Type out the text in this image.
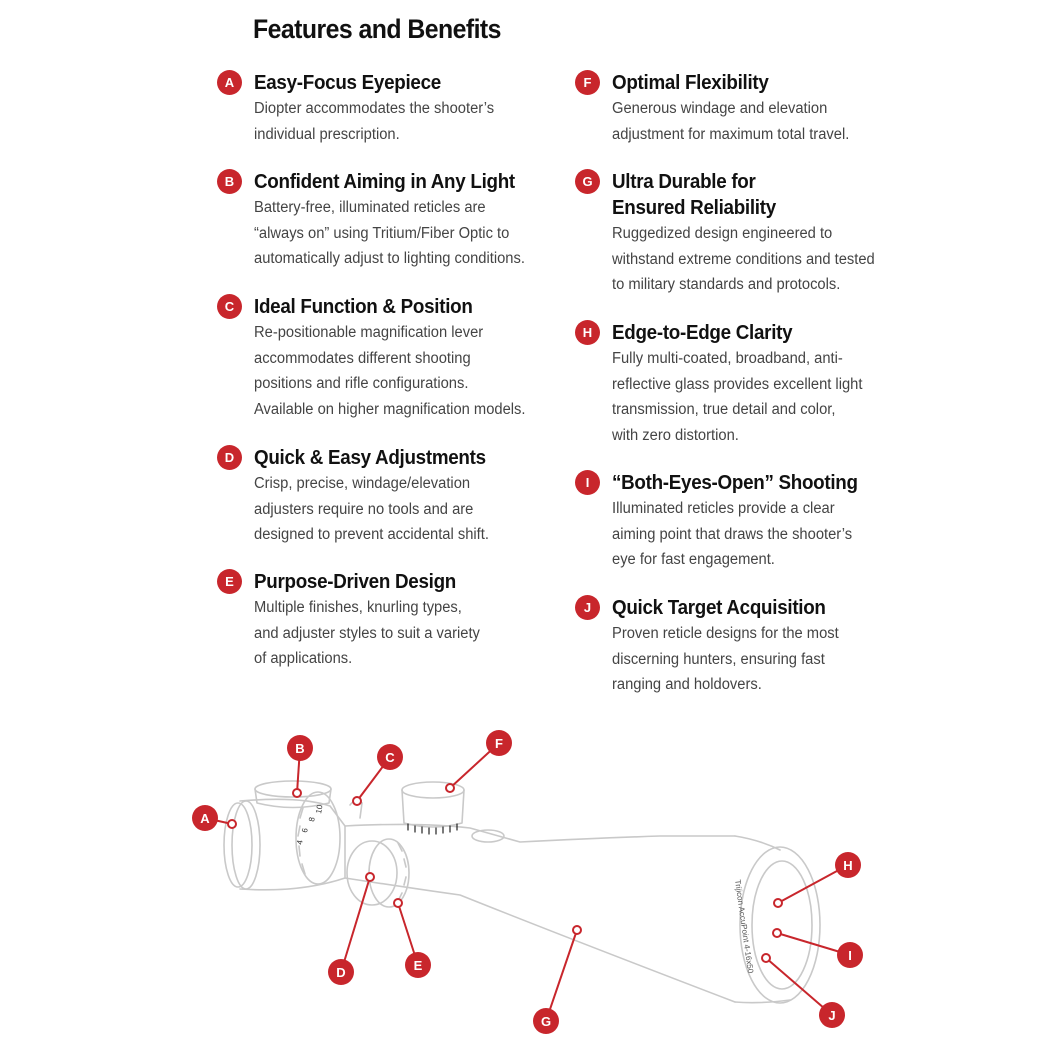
Features and Benefits
A Easy-Focus Eyepiece
Diopter accommodates the shooter’s
individual prescription.
B Confident Aiming in Any Light
Battery-free, illuminated reticles are
“always on” using Tritium/Fiber Optic to
automatically adjust to lighting conditions.
C Ideal Function & Position
Re-positionable magnification lever
accommodates different shooting
positions and rifle configurations.
Available on higher magnification models.
D Quick & Easy Adjustments
Crisp, precise, windage/elevation
adjusters require no tools and are
designed to prevent accidental shift.
E	Purpose-Driven Design
Multiple finishes, knurling types,
and adjuster styles to suit a variety
of applications.
F	Optimal Flexibility
Generous windage and elevation
adjustment for maximum total travel.
G Ultra Durable for
Ensured Reliability
Ruggedized design engineered to
withstand extreme conditions and tested
to military standards and protocols.
H Edge-to-Edge Clarity
Fully multi-coated, broadband, anti-
reflective glass provides excellent light
transmission, true detail and color,
with zero distortion.
I	“Both-Eyes-Open” Shooting
Illuminated reticles provide a clear
aiming point that draws the shooter’s
eye for fast engagement.
J	Quick Target Acquisition
Proven reticle designs for the most
discerning hunters, ensuring fast
ranging and holdovers.
4
6
8
10
Trijicon AccuPoint 4-16x50
A
B
C
D	E
F
G
H
I
J
